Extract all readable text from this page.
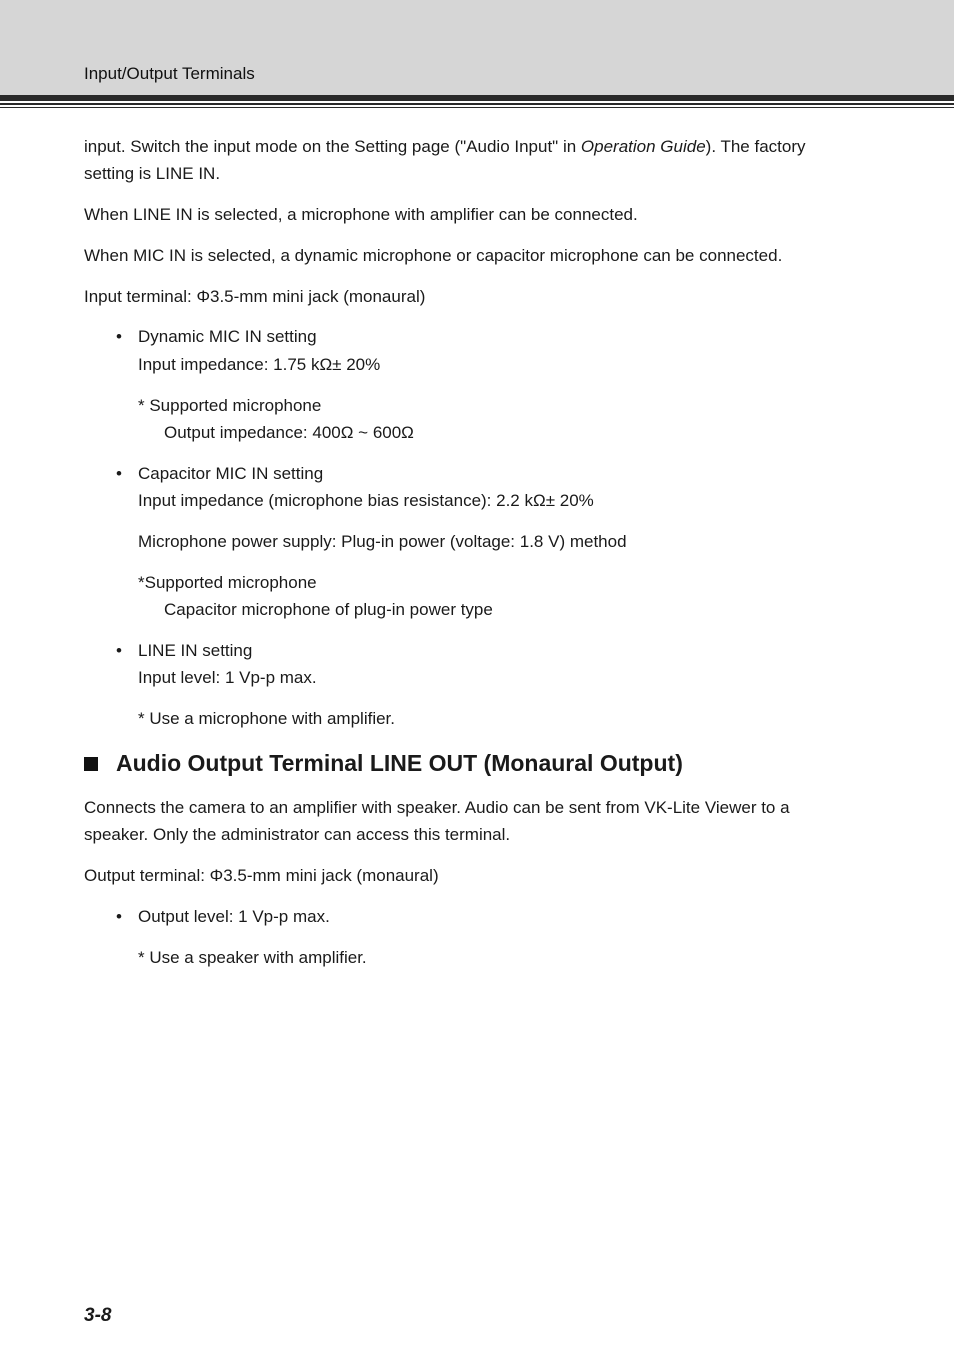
Input/Output Terminals
input. Switch the input mode on the Setting page ("Audio Input" in Operation Guide). The factory
setting is LINE IN.
When LINE IN is selected, a microphone with amplifier can be connected.
When MIC IN is selected, a dynamic microphone or capacitor microphone can be connected.
Input terminal: Φ3.5-mm mini jack (monaural)
• Dynamic MIC IN setting
Input impedance: 1.75 kΩ± 20%
* Supported microphone
Output impedance: 400Ω ~ 600Ω
• Capacitor MIC IN setting
Input impedance (microphone bias resistance): 2.2 kΩ± 20%
Microphone power supply: Plug-in power (voltage: 1.8 V) method
*Supported microphone
Capacitor microphone of plug-in power type
• LINE IN setting
Input level: 1 Vp-p max.
* Use a microphone with amplifier.
Audio Output Terminal LINE OUT (Monaural Output)
Connects the camera to an amplifier with speaker. Audio can be sent from VK-Lite Viewer to a
speaker. Only the administrator can access this terminal.
Output terminal: Φ3.5-mm mini jack (monaural)
• Output level: 1 Vp-p max.
* Use a speaker with amplifier.
3-8
